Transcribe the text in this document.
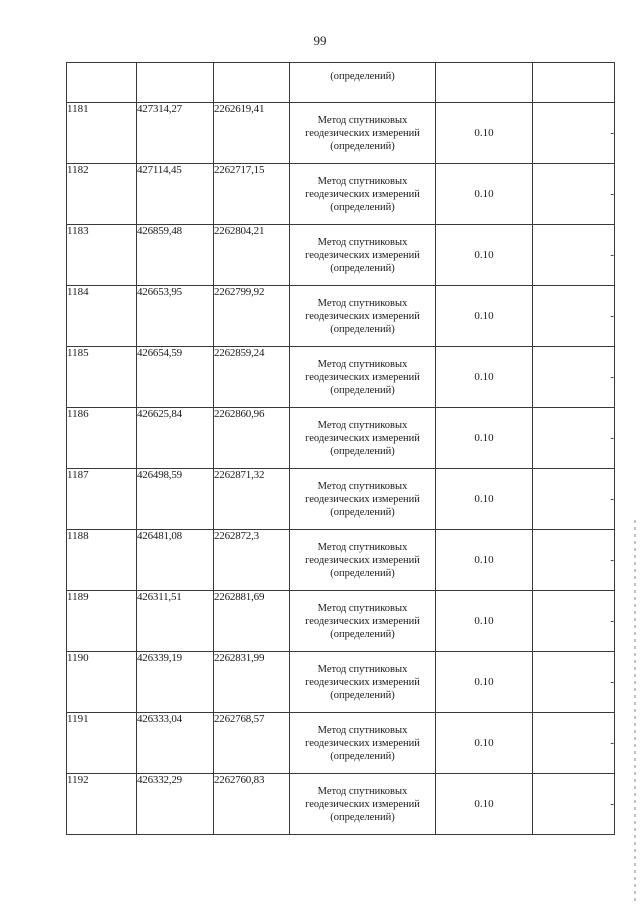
99

			(определений)		

1181	427314,27	2262619,41	Метод спутниковых
геодезических измерений
(определений)	0.10	-
1182	427114,45	2262717,15	Метод спутниковых
геодезических измерений
(определений)	0.10	-
1183	426859,48	2262804,21	Метод спутниковых
геодезических измерений
(определений)	0.10	-
1184	426653,95	2262799,92	Метод спутниковых
геодезических измерений
(определений)	0.10	-
1185	426654,59	2262859,24	Метод спутниковых
геодезических измерений
(определений)	0.10	-
1186	426625,84	2262860,96	Метод спутниковых
геодезических измерений
(определений)	0.10	-
1187	426498,59	2262871,32	Метод спутниковых
геодезических измерений
(определений)	0.10	-
1188	426481,08	2262872,3	Метод спутниковых
геодезических измерений
(определений)	0.10	-
1189	426311,51	2262881,69	Метод спутниковых
геодезических измерений
(определений)	0.10	-
1190	426339,19	2262831,99	Метод спутниковых
геодезических измерений
(определений)	0.10	-
1191	426333,04	2262768,57	Метод спутниковых
геодезических измерений
(определений)	0.10	-
1192	426332,29	2262760,83	Метод спутниковых
геодезических измерений
(определений)	0.10	-
